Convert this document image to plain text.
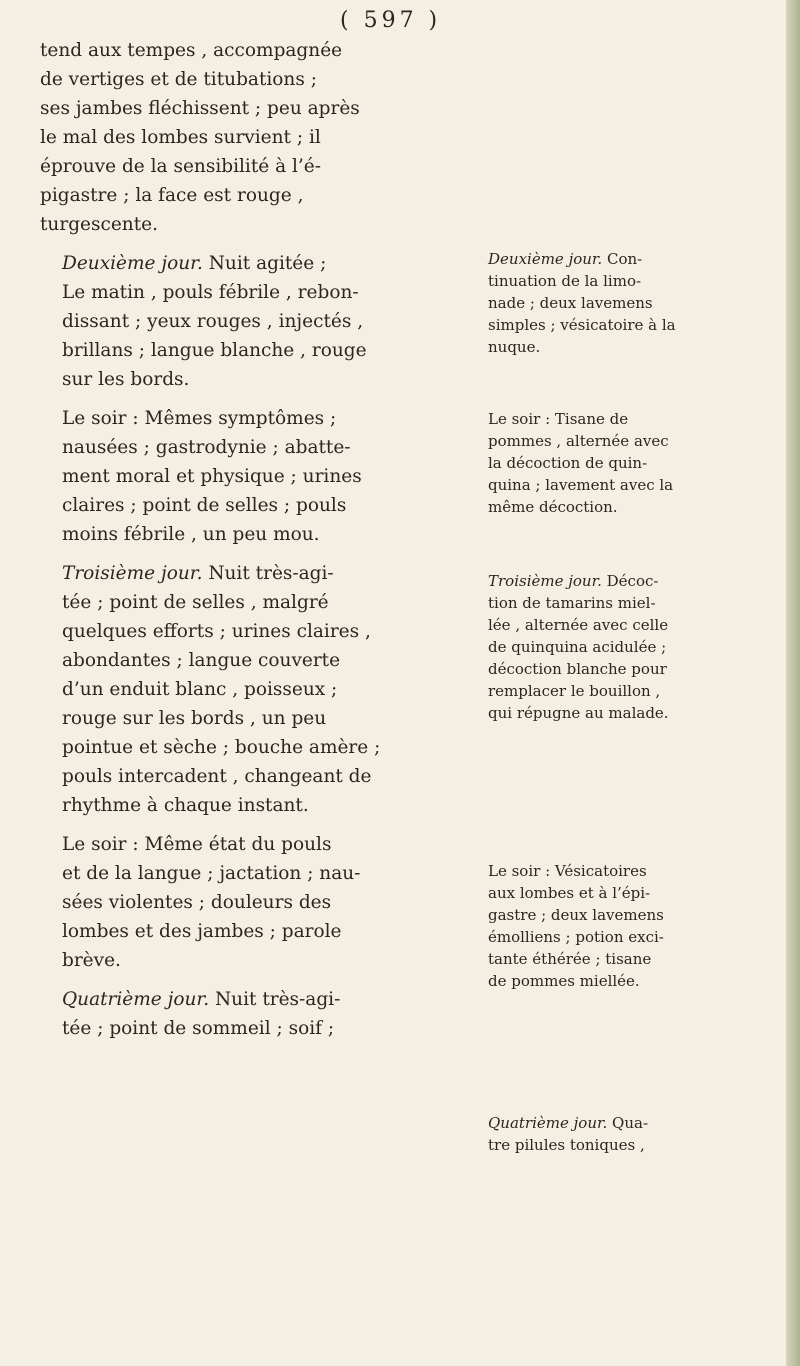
( 597 )

tend aux tempes , accompagnée
de vertiges et de titubations ;
ses jambes fléchissent ; peu après
le mal des lombes survient ; il
éprouve de la sensibilité à l’é-
pigastre ; la face est rouge ,
turgescente.

Deuxième jour. Nuit agitée ;
Le matin , pouls fébrile , rebon-
dissant ; yeux rouges , injectés ,
brillans ; langue blanche , rouge
sur les bords.

Le soir : Mêmes symptômes ;
nausées ; gastrodynie ; abatte-
ment moral et physique ; urines
claires ; point de selles ; pouls
moins fébrile , un peu mou.

Troisième jour. Nuit très-agi-
tée ; point de selles , malgré
quelques efforts ; urines claires ,
abondantes ; langue couverte
d’un enduit blanc , poisseux ;
rouge sur les bords , un peu
pointue et sèche ; bouche amère ;
pouls intercadent , changeant de
rhythme à chaque instant.

Le soir : Même état du pouls
et de la langue ; jactation ; nau-
sées violentes ; douleurs des
lombes et des jambes ; parole
brève.

Quatrième jour. Nuit très-agi-
tée ; point de sommeil ; soif ;

Deuxième jour. Con-
tinuation de la limo-
nade ; deux lavemens
simples ; vésicatoire à la
nuque.

Le soir : Tisane de
pommes , alternée avec
la décoction de quin-
quina ; lavement avec la
même décoction.

Troisième jour. Décoc-
tion de tamarins miel-
lée , alternée avec celle
de quinquina acidulée ;
décoction blanche pour
remplacer le bouillon ,
qui répugne au malade.

Le soir : Vésicatoires
aux lombes et à l’épi-
gastre ; deux lavemens
émolliens ; potion exci-
tante éthérée ; tisane
de pommes miellée.

Quatrième jour. Qua-
tre pilules toniques ,
